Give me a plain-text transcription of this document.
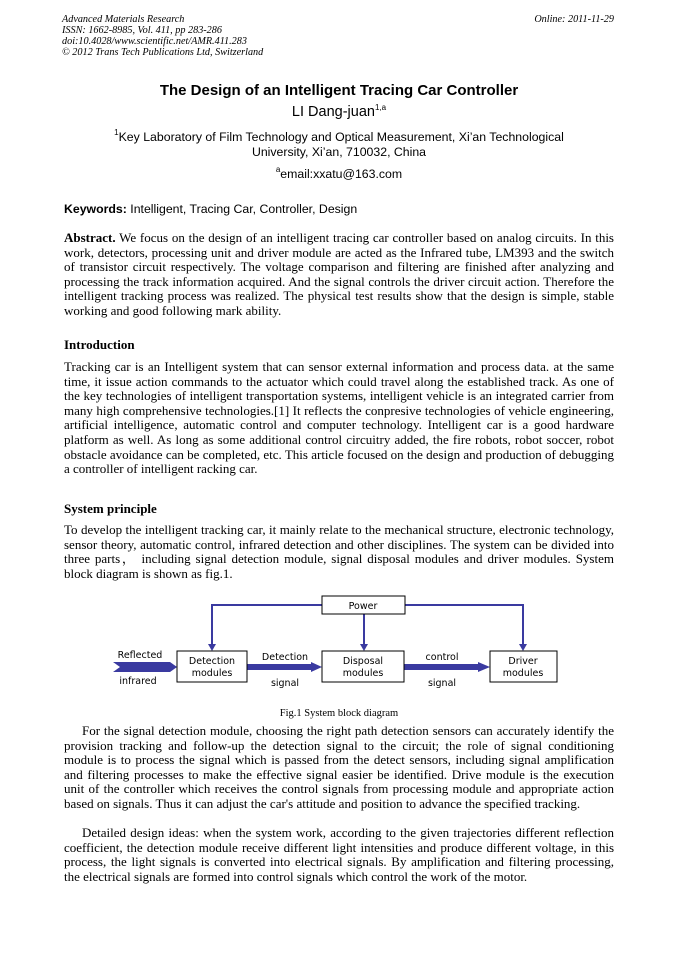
Advanced Materials Research
ISSN: 1662-8985, Vol. 411, pp 283-286
doi:10.4028/www.scientific.net/AMR.411.283
© 2012 Trans Tech Publications Ltd, Switzerland
Online: 2011-11-29
The Design of an Intelligent Tracing Car Controller
LI Dang-juan$^{1,a}$
$^1$Key Laboratory of Film Technology and Optical Measurement, Xi’an Technological
University, Xi’an, 710032, China
$^a$email:xxatu@163.com
Keywords: Intelligent, Tracing Car, Controller, Design

Abstract. We focus on the design of an intelligent tracing car controller based on analog circuits. In this work, detectors, processing unit and driver module are acted as the Infrared tube, LM393 and the switch of transistor circuit respectively. The voltage comparison and filtering are finished after analyzing and processing the track information acquired. And the signal controls the driver circuit action. Therefore the intelligent tracking process was realized. The physical test results show that the design is simple, stable working and good following mark ability.

Introduction

Tracking car is an Intelligent system that can sensor external information and process data. at the same time, it issue action commands to the actuator which could travel along the established track. As one of the key technologies of intelligent transportation systems, intelligent vehicle is an integrated carrier from many high comprehensive technologies.[1] It reflects the conpresive technologies of vehicle engineering, artificial intelligence, automatic control and computer technology. Intelligent car is a good hardware platform as well. As long as some additional control circuitry added, the fire robots, robot soccer, robot obstacle avoidance can be completed, etc. This article focused on the design and production of debugging a controller of intelligent racking car.

System principle

To develop the intelligent tracking car, it mainly relate to the mechanical structure, electronic technology, sensor theory, automatic control, infrared detection and other disciplines. The system can be divided into three parts， including signal detection module, signal disposal modules and driver modules. System block diagram is shown as fig.1.

Power
Reflected
infrared
Detection
modules
Detection
signal
Disposal
modules
control
signal
Driver
modules
Fig.1 System block diagram

For the signal detection module, choosing the right path detection sensors can accurately identify the provision tracking and follow-up the detection signal to the circuit; the role of signal conditioning module is to process the signal which is passed from the detect sensors, including signal amplification and filtering processes to make the effective signal easier be identified. Drive module is the execution unit of the controller which receives the control signals from processing module and appropriate action based on signals. Thus it can adjust the car's attitude and position to advance the specified tracking.

Detailed design ideas: when the system work, according to the given trajectories different reflection coefficient, the detection module receive different light intensities and produce different voltage, in this process, the light signals is converted into electrical signals. By amplification and filtering processing, the electrical signals are formed into control signals which control the work of the motor.
